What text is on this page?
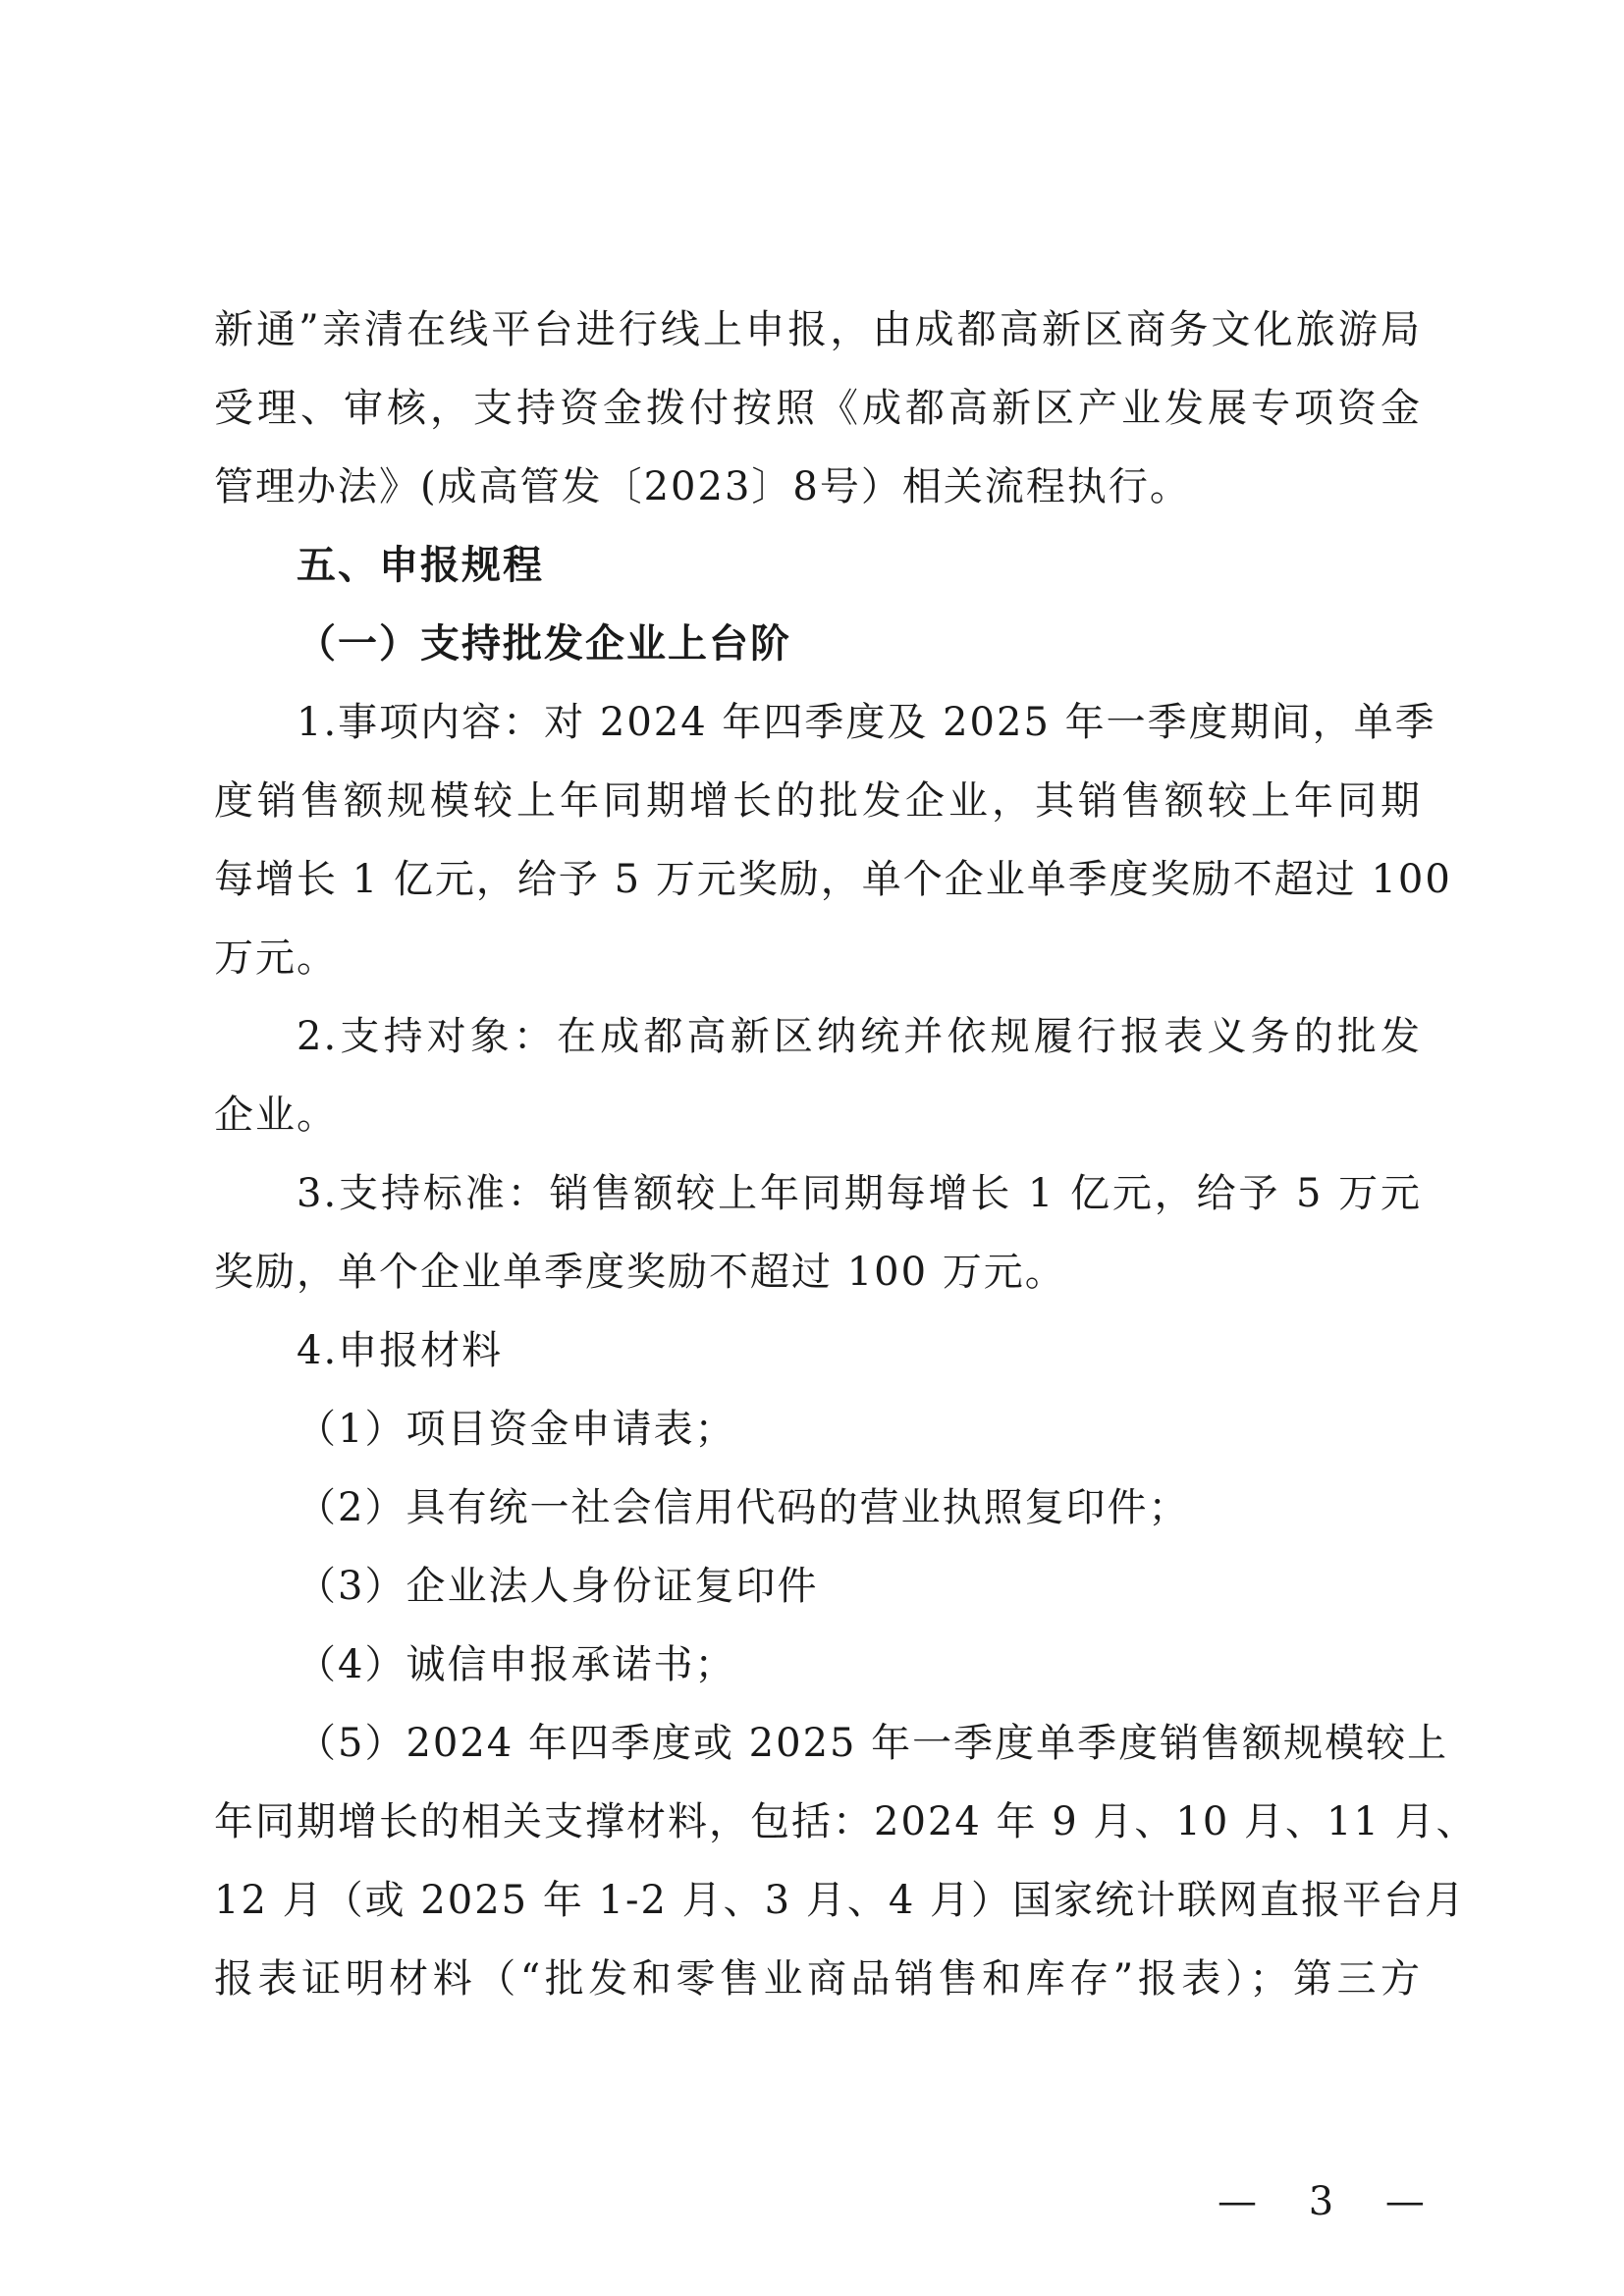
新通”亲清在线平台进行线上申报，由成都高新区商务文化旅游局
受理、审核，支持资金拨付按照《成都高新区产业发展专项资金
管理办法》(成高管发〔2023〕8号）相关流程执行。
五、申报规程
（一）支持批发企业上台阶
1.事项内容：对 2024 年四季度及 2025 年一季度期间，单季
度销售额规模较上年同期增长的批发企业，其销售额较上年同期
每增长 1 亿元，给予 5 万元奖励，单个企业单季度奖励不超过 100
万元。
2.支持对象：在成都高新区纳统并依规履行报表义务的批发
企业。
3.支持标准：销售额较上年同期每增长 1 亿元，给予 5 万元
奖励，单个企业单季度奖励不超过 100 万元。
4.申报材料
（1）项目资金申请表；
（2）具有统一社会信用代码的营业执照复印件；
（3）企业法人身份证复印件
（4）诚信申报承诺书；
（5）2024 年四季度或 2025 年一季度单季度销售额规模较上
年同期增长的相关支撑材料，包括：2024 年 9 月、10 月、11 月、
12 月（或 2025 年 1-2 月、3 月、4 月）国家统计联网直报平台月
报表证明材料（“批发和零售业商品销售和库存”报表）；第三方
— 3 —
